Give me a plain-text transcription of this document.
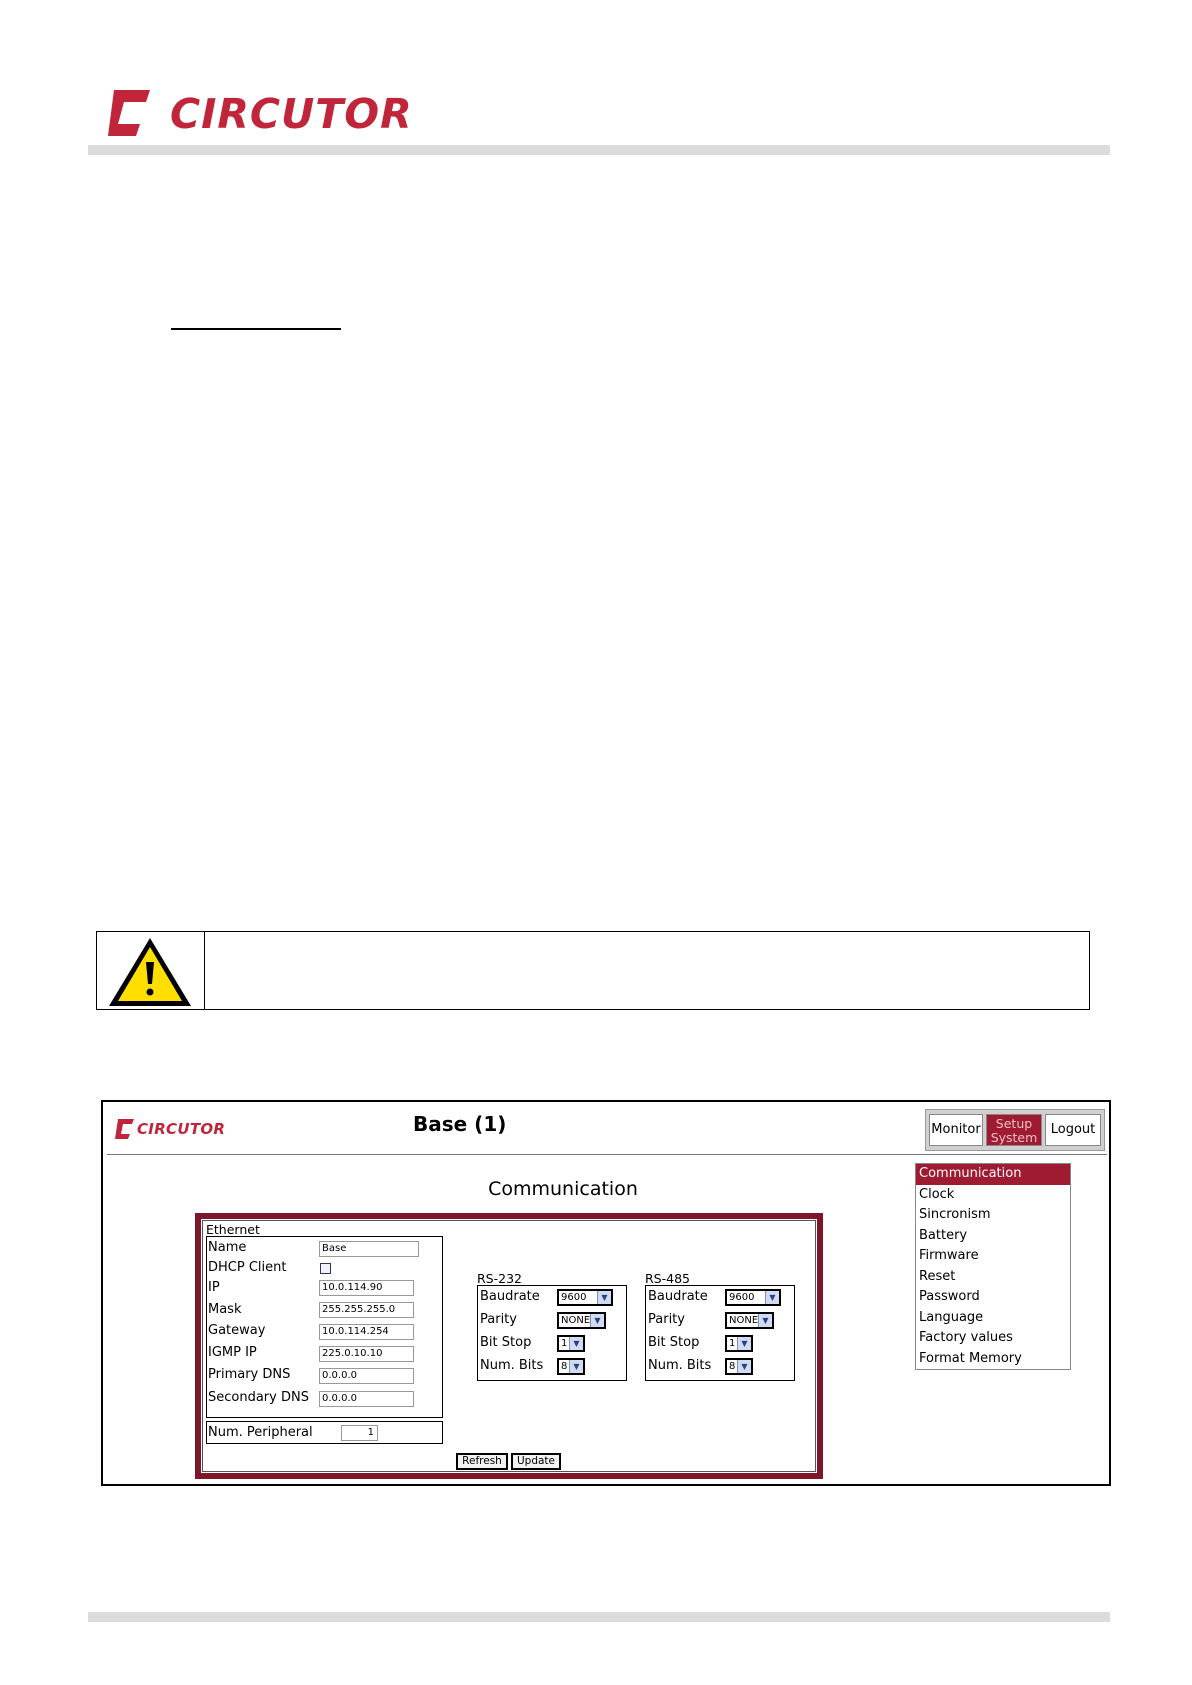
CIRCUTOR
CIRCUTOR	Base (1)	Monitor	Setup
System
Logout
Communication
Communication
Clock
Sincronism
Battery
Firmware
Reset
Password
Language
Factory values
Format Memory
Ethernet
Name	Base
DHCP Client
IP	10.0.114.90
Mask	255.255.255.0
Gateway	10.0.114.254
IGMP IP	225.0.10.10
Primary DNS	0.0.0.0
Secondary DNS	0.0.0.0
Num. Peripheral	1
RS-232
Baudrate	9600	▼
Parity	NONE ▼
Bit Stop	1 ▼
Num. Bits	8 ▼
RS-485
Baudrate	9600	▼
Parity	NONE ▼
Bit Stop	1 ▼
Num. Bits	8 ▼
Refresh	Update
